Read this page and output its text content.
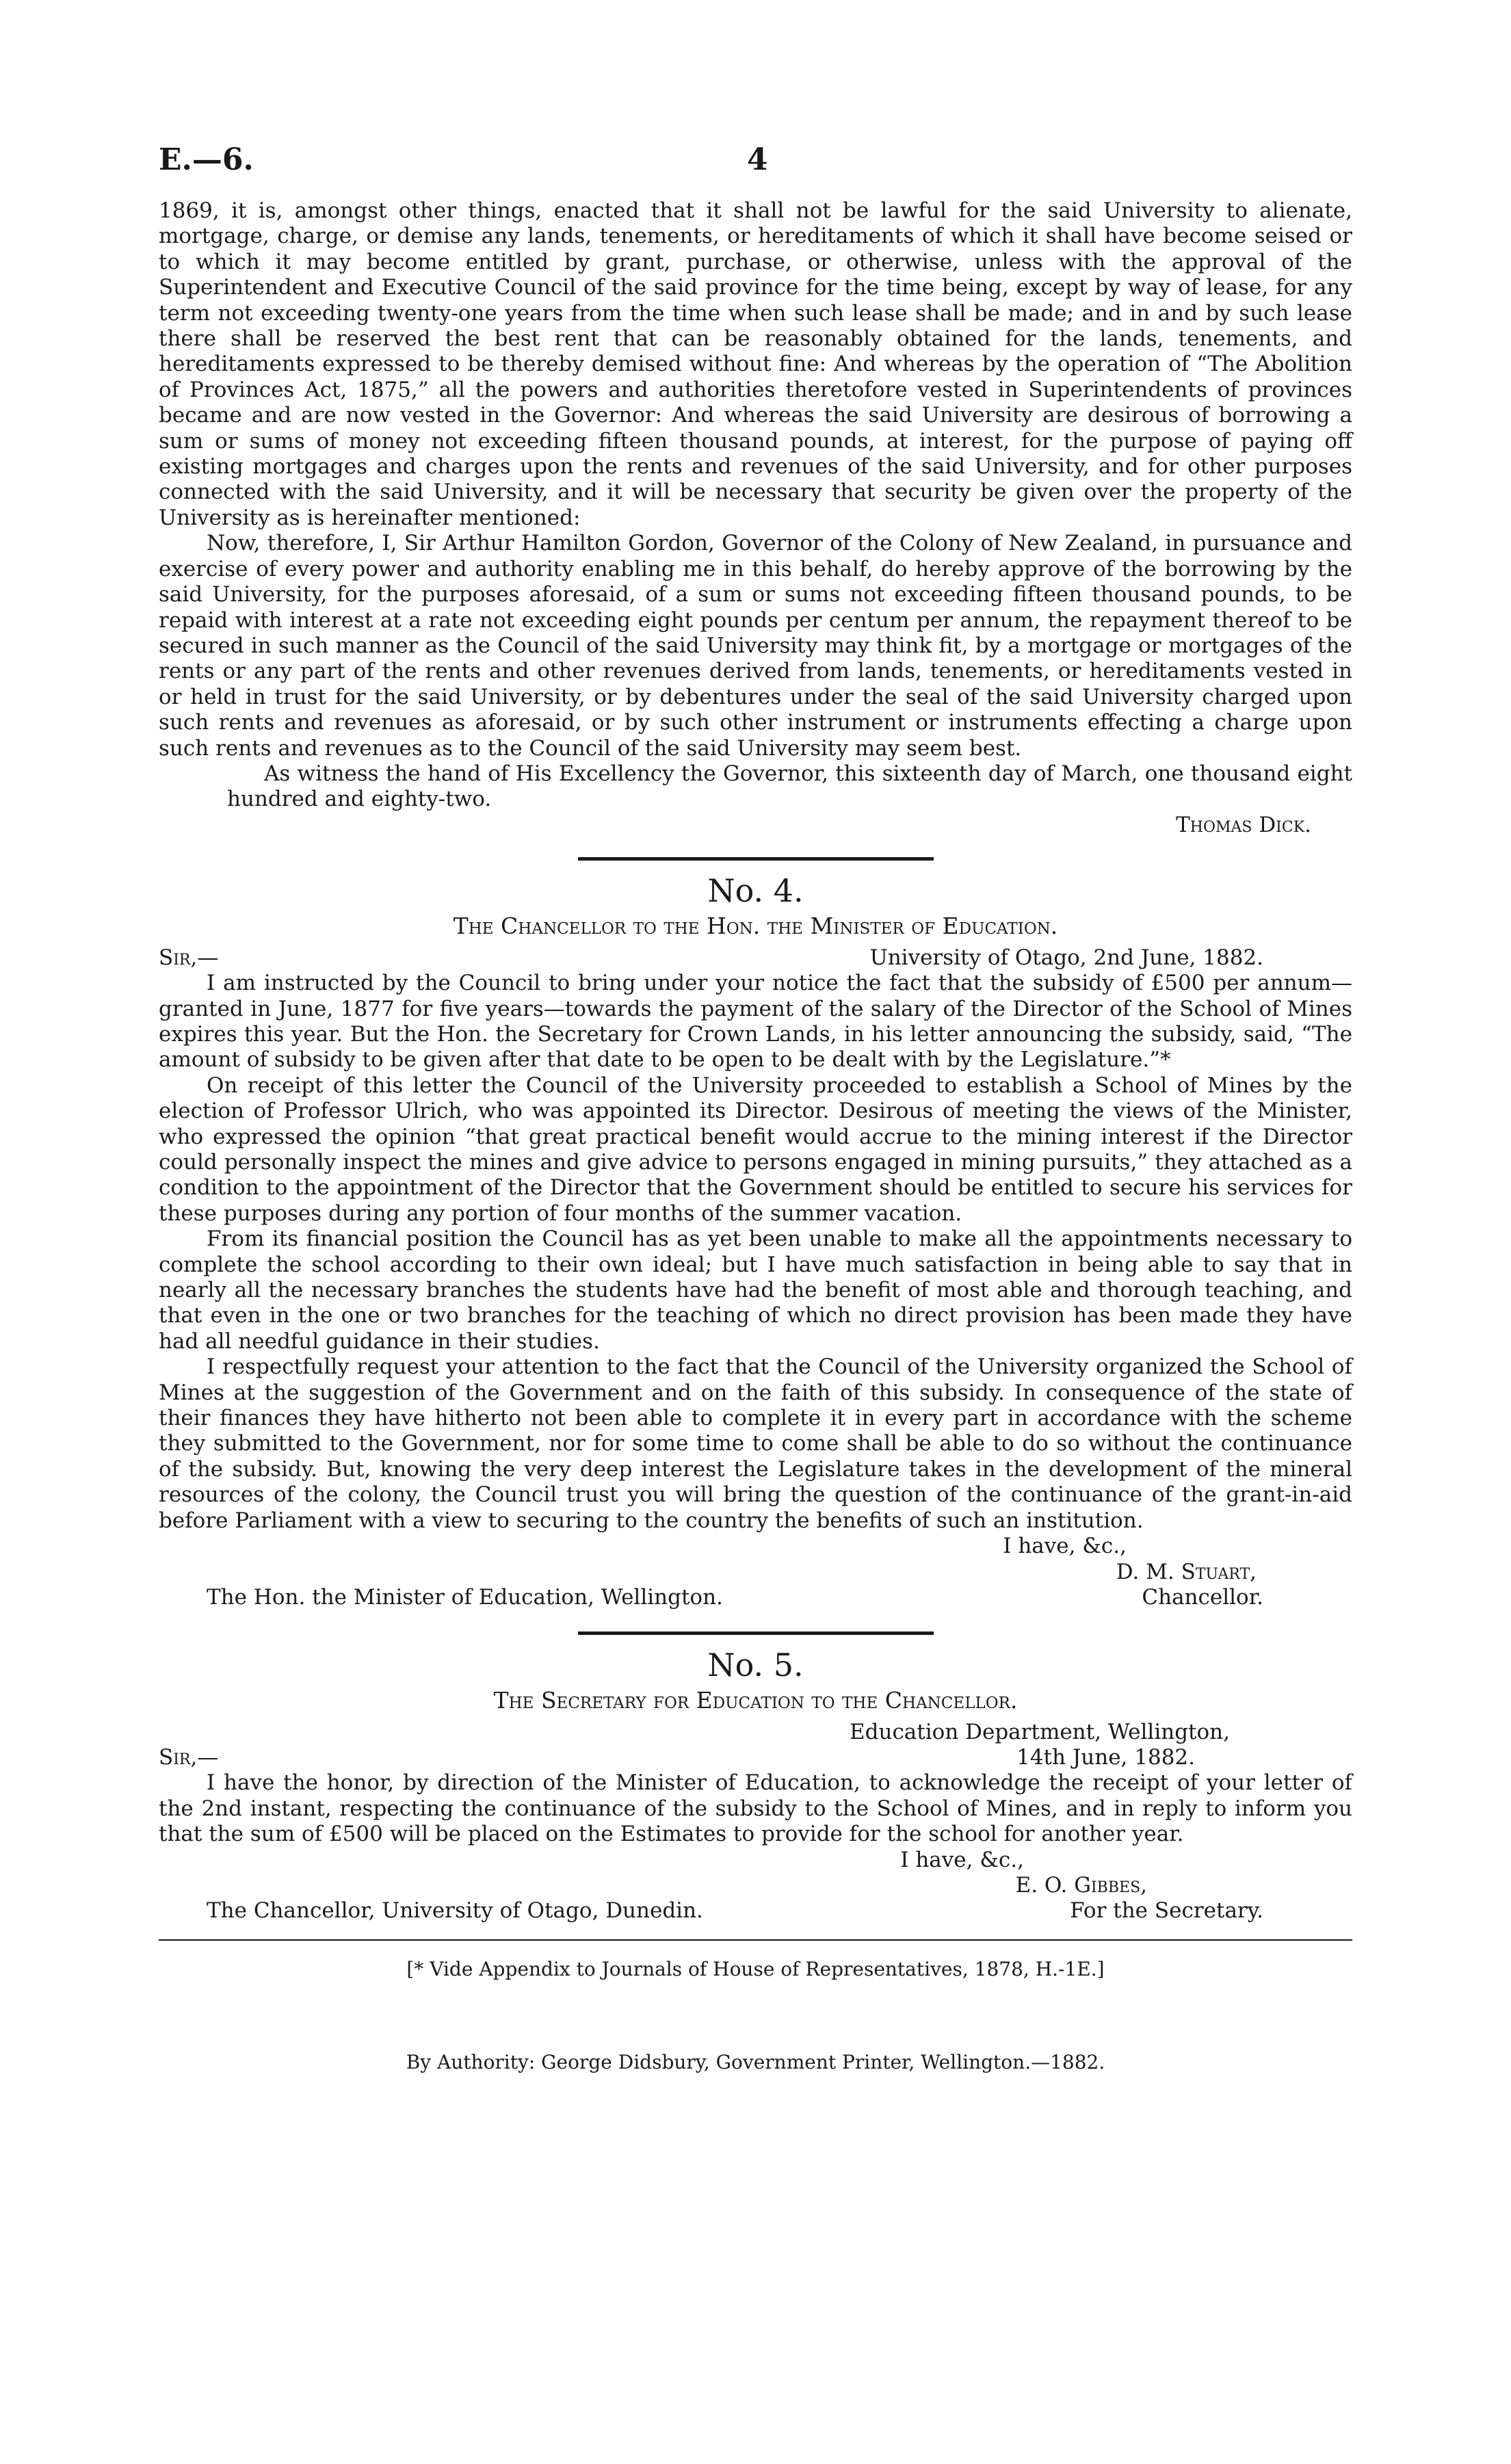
E.—6.	4

1869, it is, amongst other things, enacted that it shall not be lawful for the said University to alienate, mortgage, charge, or demise any lands, tenements, or hereditaments of which it shall have become seised or to which it may become entitled by grant, purchase, or otherwise, unless with the approval of the Superintendent and Executive Council of the said province for the time being, except by way of lease, for any term not exceeding twenty-one years from the time when such lease shall be made; and in and by such lease there shall be reserved the best rent that can be reasonably obtained for the lands, tenements, and hereditaments expressed to be thereby demised without fine: And whereas by the operation of “The Abolition of Provinces Act, 1875,” all the powers and authorities theretofore vested in Superintendents of provinces became and are now vested in the Governor: And whereas the said University are desirous of borrowing a sum or sums of money not exceeding fifteen thousand pounds, at interest, for the purpose of paying off existing mortgages and charges upon the rents and revenues of the said University, and for other purposes connected with the said University, and it will be necessary that security be given over the property of the University as is hereinafter mentioned:

Now, therefore, I, Sir Arthur Hamilton Gordon, Governor of the Colony of New Zealand, in pursuance and exercise of every power and authority enabling me in this behalf, do hereby approve of the borrowing by the said University, for the purposes aforesaid, of a sum or sums not exceeding fifteen thousand pounds, to be repaid with interest at a rate not exceeding eight pounds per centum per annum, the repayment thereof to be secured in such manner as the Council of the said University may think fit, by a mortgage or mortgages of the rents or any part of the rents and other revenues derived from lands, tenements, or hereditaments vested in or held in trust for the said University, or by debentures under the seal of the said University charged upon such rents and revenues as aforesaid, or by such other instrument or instruments effecting a charge upon such rents and revenues as to the Council of the said University may seem best.

As witness the hand of His Excellency the Governor, this sixteenth day of March, one thousand eight hundred and eighty-two.

Thomas Dick.

No. 4.

The Chancellor to the Hon. the Minister of Education.

Sir,—	University of Otago, 2nd June, 1882.

I am instructed by the Council to bring under your notice the fact that the subsidy of £500 per annum—granted in June, 1877 for five years—towards the payment of the salary of the Director of the School of Mines expires this year. But the Hon. the Secretary for Crown Lands, in his letter announcing the subsidy, said, “The amount of subsidy to be given after that date to be open to be dealt with by the Legislature.”*

On receipt of this letter the Council of the University proceeded to establish a School of Mines by the election of Professor Ulrich, who was appointed its Director. Desirous of meeting the views of the Minister, who expressed the opinion “that great practical benefit would accrue to the mining interest if the Director could personally inspect the mines and give advice to persons engaged in mining pursuits,” they attached as a condition to the appointment of the Director that the Government should be entitled to secure his services for these purposes during any portion of four months of the summer vacation.

From its financial position the Council has as yet been unable to make all the appointments necessary to complete the school according to their own ideal; but I have much satisfaction in being able to say that in nearly all the necessary branches the students have had the benefit of most able and thorough teaching, and that even in the one or two branches for the teaching of which no direct provision has been made they have had all needful guidance in their studies.

I respectfully request your attention to the fact that the Council of the University organized the School of Mines at the suggestion of the Government and on the faith of this subsidy. In consequence of the state of their finances they have hitherto not been able to complete it in every part in accordance with the scheme they submitted to the Government, nor for some time to come shall be able to do so without the continuance of the subsidy. But, knowing the very deep interest the Legislature takes in the development of the mineral resources of the colony, the Council trust you will bring the question of the continuance of the grant-in-aid before Parliament with a view to securing to the country the benefits of such an institution.

I have, &c.,

D. M. Stuart,

The Hon. the Minister of Education, Wellington.	Chancellor.

No. 5.

The Secretary for Education to the Chancellor.

Education Department, Wellington,
Sir,—	14th June, 1882.

I have the honor, by direction of the Minister of Education, to acknowledge the receipt of your letter of the 2nd instant, respecting the continuance of the subsidy to the School of Mines, and in reply to inform you that the sum of £500 will be placed on the Estimates to provide for the school for another year.

I have, &c.,

E. O. Gibbes,

The Chancellor, University of Otago, Dunedin.	For the Secretary.

[* Vide Appendix to Journals of House of Representatives, 1878, H.-1E.]

By Authority: George Didsbury, Government Printer, Wellington.—1882.
